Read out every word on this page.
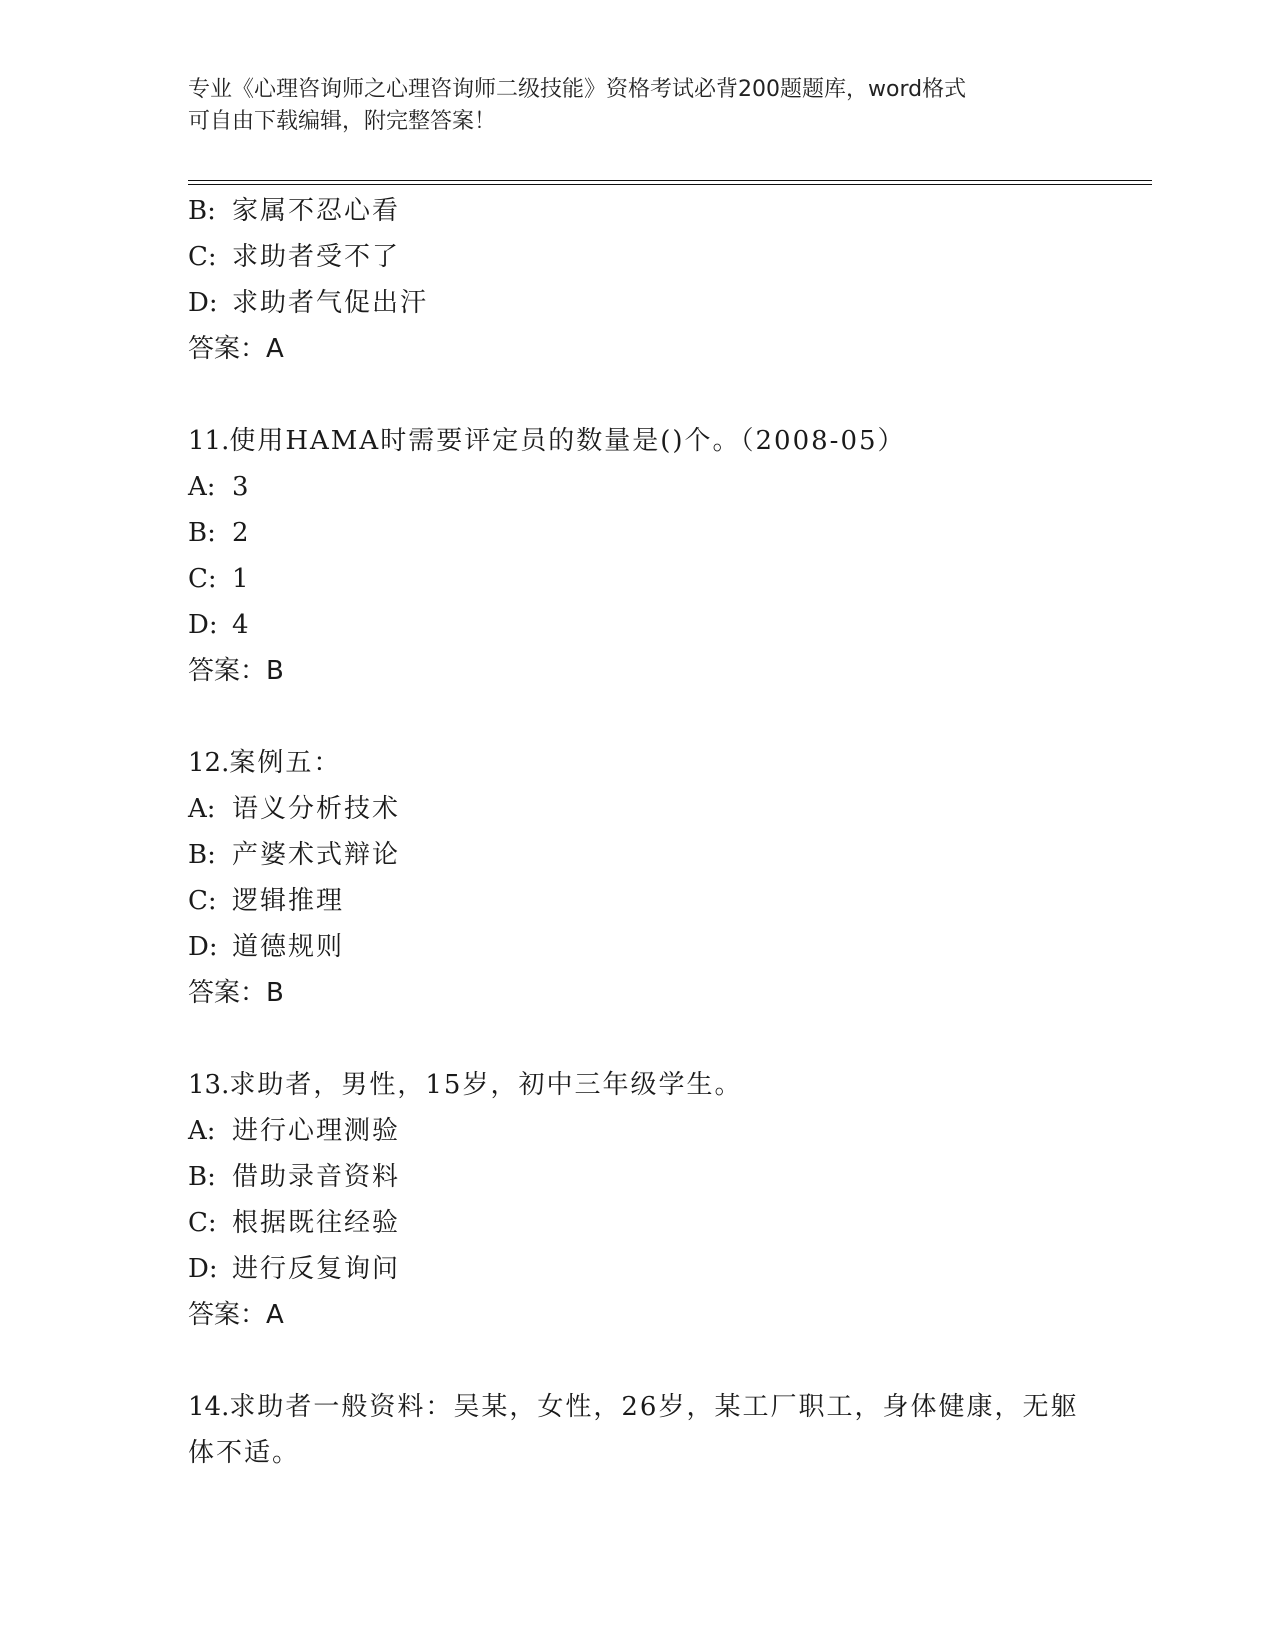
专业《心理咨询师之心理咨询师二级技能》资格考试必背200题题库，word格式
可自由下载编辑，附完整答案！
B: 家属不忍心看
C: 求助者受不了
D: 求助者气促出汗
答案：A
11.使用HAMA时需要评定员的数量是()个。（2008-05）
A: 3
B: 2
C: 1
D: 4
答案：B
12.案例五：
A: 语义分析技术
B: 产婆术式辩论
C: 逻辑推理
D: 道德规则
答案：B
13.求助者，男性，15岁，初中三年级学生。
A: 进行心理测验
B: 借助录音资料
C: 根据既往经验
D: 进行反复询问
答案：A
14.求助者一般资料：吴某，女性，26岁，某工厂职工，身体健康，无躯体不适。
